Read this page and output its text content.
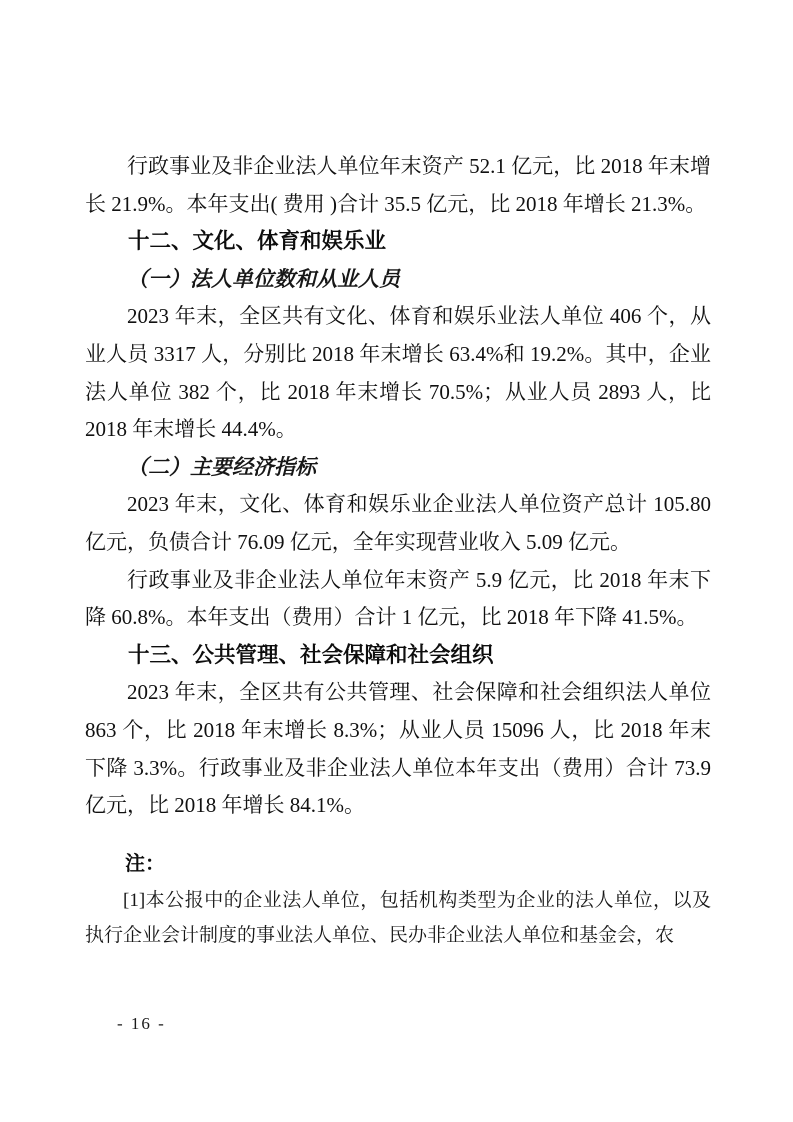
行政事业及非企业法人单位年末资产 52.1 亿元，比 2018 年末增长 21.9%。本年支出( 费用 )合计 35.5 亿元，比 2018 年增长 21.3%。

十二、文化、体育和娱乐业
（一）法人单位数和从业人员

2023 年末，全区共有文化、体育和娱乐业法人单位 406 个，从业人员 3317 人，分别比 2018 年末增长 63.4%和 19.2%。其中，企业法人单位 382 个，比 2018 年末增长 70.5%；从业人员 2893 人，比 2018 年末增长 44.4%。

（二）主要经济指标

2023 年末，文化、体育和娱乐业企业法人单位资产总计 105.80 亿元，负债合计 76.09 亿元，全年实现营业收入 5.09 亿元。

行政事业及非企业法人单位年末资产 5.9 亿元，比 2018 年末下降 60.8%。本年支出（费用）合计 1 亿元，比 2018 年下降 41.5%。

十三、公共管理、社会保障和社会组织

2023 年末，全区共有公共管理、社会保障和社会组织法人单位 863 个，比 2018 年末增长 8.3%；从业人员 15096 人，比 2018 年末下降 3.3%。行政事业及非企业法人单位本年支出（费用）合计 73.9 亿元，比 2018 年增长 84.1%。

注：

[1]本公报中的企业法人单位，包括机构类型为企业的法人单位，以及执行企业会计制度的事业法人单位、民办非企业法人单位和基金会，农

- 16 -
